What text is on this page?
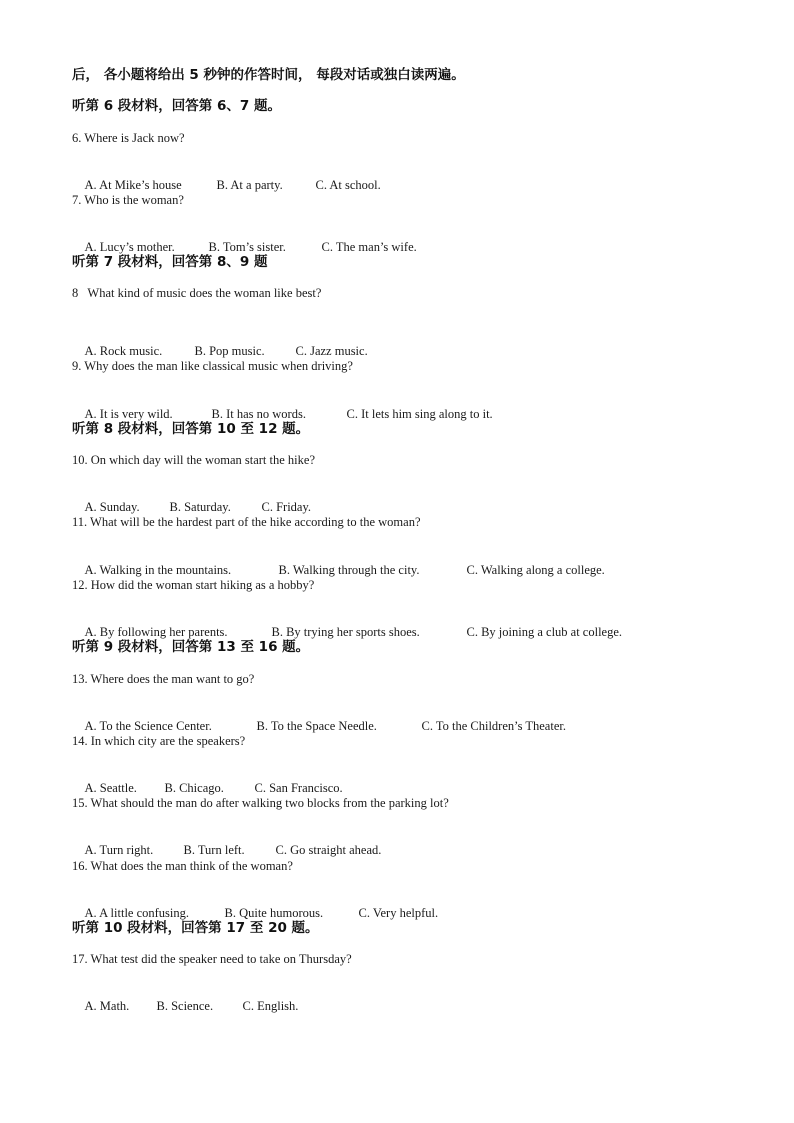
后， 各小题将给出 5 秒钟的作答时间， 每段对话或独白读两遍。
听第 6 段材料，回答第 6、7 题。
6. Where is Jack now?

A. At Mike’s house	B. At a party.	C. At school.

7. Who is the woman?

A. Lucy’s mother.	B. Tom’s sister.	C. The man’s wife.

听第 7 段材料，回答第 8、9 题
8   What kind of music does the woman like best?

A. Rock music.	B. Pop music. C. Jazz music.

9. Why does the man like classical music when driving?

A. It is very wild.	B. It has no words.	C. It lets him sing along to it.

听第 8 段材料，回答第 10 至 12 题。
10. On which day will the woman start the hike?

A. Sunday. B. Saturday. C. Friday.

11. What will be the hardest part of the hike according to the woman?

A. Walking in the mountains.	B. Walking through the city.	C. Walking along a college.

12. How did the woman start hiking as a hobby?

A. By following her parents.	B. By trying her sports shoes.	C. By joining a club at college.

听第 9 段材料，回答第 13 至 16 题。
13. Where does the man want to go?

A. To the Science Center.	B. To the Space Needle.	C. To the Children’s Theater.

14. In which city are the speakers?

A. Seattle. B. Chicago. C. San Francisco.

15. What should the man do after walking two blocks from the parking lot?

A. Turn right. B. Turn left. C. Go straight ahead.

16. What does the man think of the woman?

A. A little confusing.	B. Quite humorous.	C. Very helpful.

听第 10 段材料，回答第 17 至 20 题。
17. What test did the speaker need to take on Thursday?

A. Math. B. Science. C. English.
